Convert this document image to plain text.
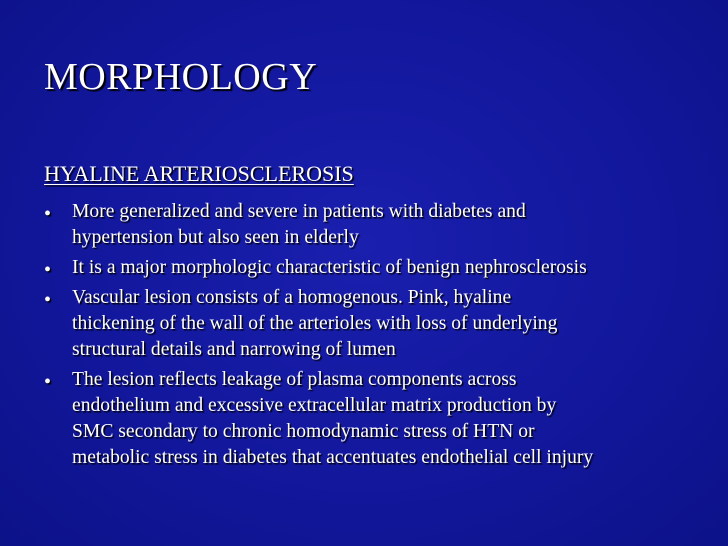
MORPHOLOGY
HYALINE ARTERIOSCLEROSIS
• More generalized and severe in patients with diabetes and
hypertension but also seen in elderly
• It is a major morphologic characteristic of benign nephrosclerosis
• Vascular lesion consists of a homogenous. Pink, hyaline
thickening of the wall of the arterioles with loss of underlying
structural details and narrowing of lumen
• The lesion reflects leakage of plasma components across
endothelium and excessive extracellular matrix production by
SMC secondary to chronic homodynamic stress of HTN or
metabolic stress in diabetes that accentuates endothelial cell injury
